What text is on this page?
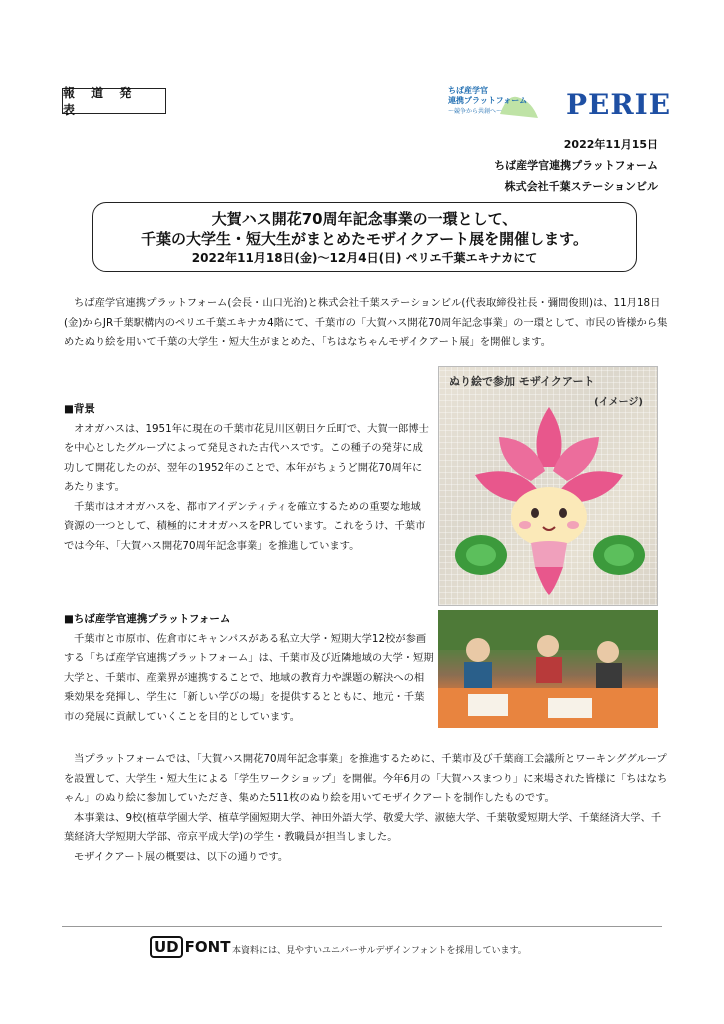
報 道 発 表
ちば産学官
連携プラットフォーム
〜競争から共創へ〜	PERIE
2022年11月15日
ちば産学官連携プラットフォーム
株式会社千葉ステーションビル
大賀ハス開花70周年記念事業の一環として、
千葉の大学生・短大生がまとめたモザイクアート展を開催します。
2022年11月18日(金)〜12月4日(日) ペリエ千葉エキナカにて
ちば産学官連携プラットフォーム(会長・山口光治)と株式会社千葉ステーションビル(代表取締役社長・彌間俊則)は、11月18日(金)からJR千葉駅構内のペリエ千葉エキナカ4階にて、千葉市の「大賀ハス開花70周年記念事業」の一環として、市民の皆様から集めたぬり絵を用いて千葉の大学生・短大生がまとめた、「ちはなちゃんモザイクアート展」を開催します。
ぬり絵で参加 モザイクアート
(イメージ)
■背景
オオガハスは、1951年に現在の千葉市花見川区朝日ケ丘町で、大賀一郎博士を中心としたグループによって発見された古代ハスです。この種子の発芽に成功して開花したのが、翌年の1952年のことで、本年がちょうど開花70周年にあたります。
千葉市はオオガハスを、都市アイデンティティを確立するための重要な地域資源の一つとして、積極的にオオガハスをPRしています。これをうけ、千葉市では今年、「大賀ハス開花70周年記念事業」を推進しています。
■ちば産学官連携プラットフォーム
千葉市と市原市、佐倉市にキャンパスがある私立大学・短期大学12校が参画する「ちば産学官連携プラットフォーム」は、千葉市及び近隣地域の大学・短期大学と、千葉市、産業界が連携することで、地域の教育力や課題の解決への相乗効果を発揮し、学生に「新しい学びの場」を提供するとともに、地元・千葉市の発展に貢献していくことを目的としています。
当プラットフォームでは、「大賀ハス開花70周年記念事業」を推進するために、千葉市及び千葉商工会議所とワーキンググループを設置して、大学生・短大生による「学生ワークショップ」を開催。今年6月の「大賀ハスまつり」に来場された皆様に「ちはなちゃん」のぬり絵に参加していただき、集めた511枚のぬり絵を用いてモザイクアートを制作したものです。
本事業は、9校(植草学園大学、植草学園短期大学、神田外語大学、敬愛大学、淑徳大学、千葉敬愛短期大学、千葉経済大学、千葉経済大学短期大学部、帝京平成大学)の学生・教職員が担当しました。
モザイクアート展の概要は、以下の通りです。
UD FONT 本資料には、見やすいユニバーサルデザインフォントを採用しています。
